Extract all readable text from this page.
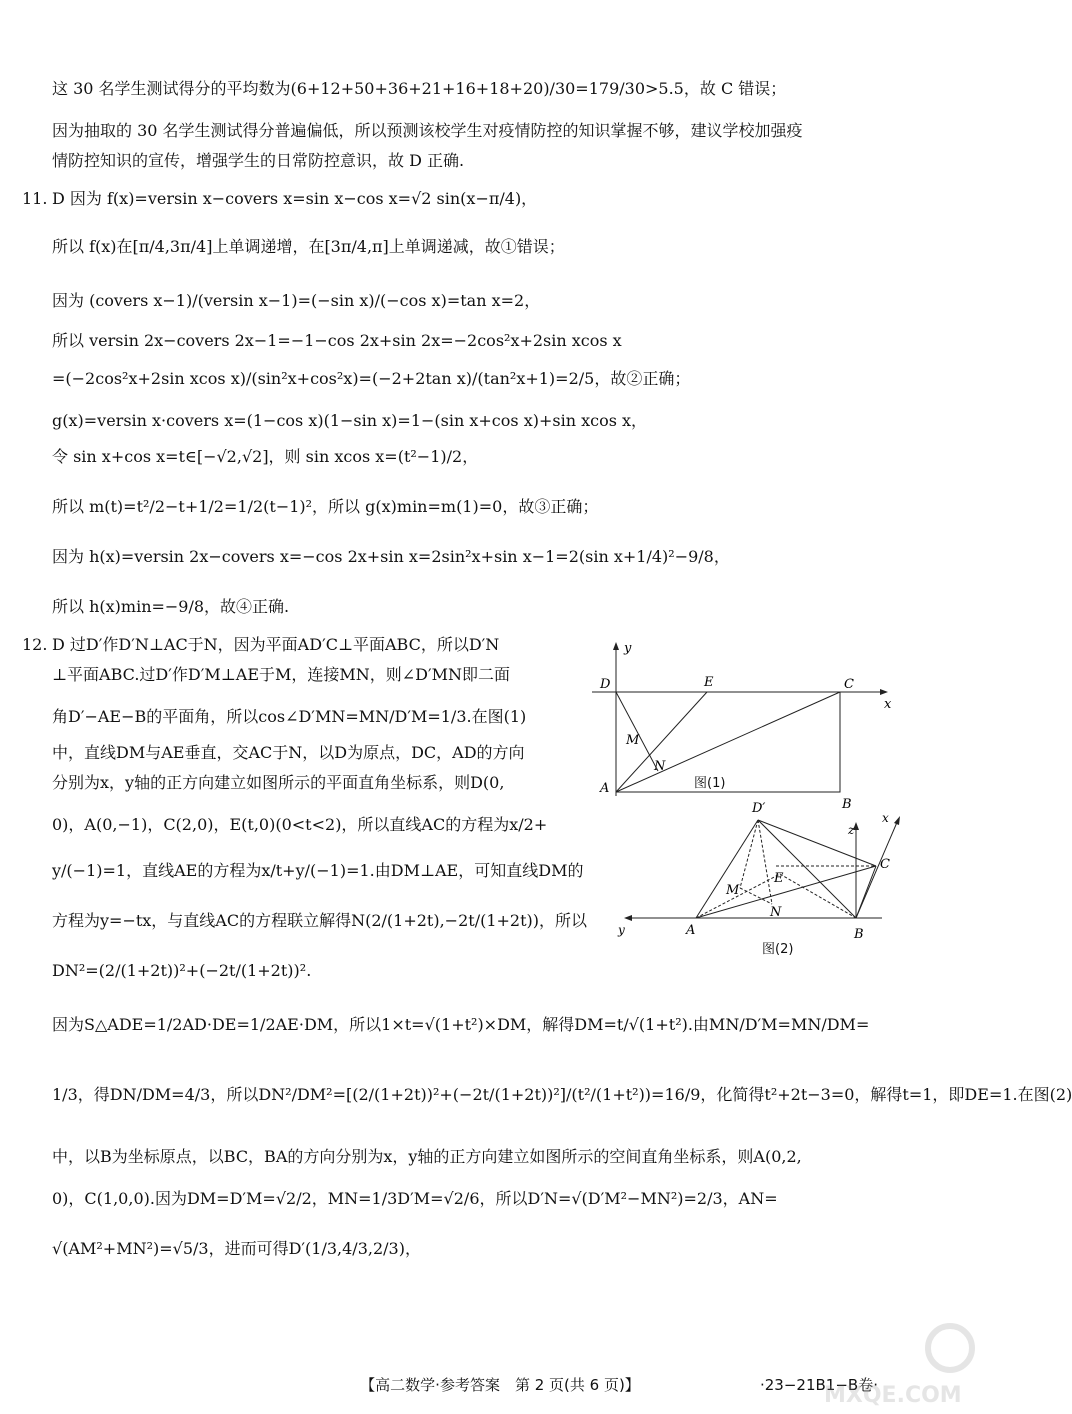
这 30 名学生测试得分的平均数为(6+12+50+36+21+16+18+20)/30=179/30>5.5，故 C 错误；
因为抽取的 30 名学生测试得分普遍偏低，所以预测该校学生对疫情防控的知识掌握不够，建议学校加强疫
情防控知识的宣传，增强学生的日常防控意识，故 D 正确.
11. D 因为 f(x)=versin x−covers x=sin x−cos x=√2 sin(x−π/4)，
所以 f(x)在[π/4,3π/4]上单调递增，在[3π/4,π]上单调递减，故①错误；
因为 (covers x−1)/(versin x−1)=(−sin x)/(−cos x)=tan x=2，
所以 versin 2x−covers 2x−1=−1−cos 2x+sin 2x=−2cos²x+2sin xcos x
=(−2cos²x+2sin xcos x)/(sin²x+cos²x)=(−2+2tan x)/(tan²x+1)=2/5，故②正确；
g(x)=versin x·covers x=(1−cos x)(1−sin x)=1−(sin x+cos x)+sin xcos x，
令 sin x+cos x=t∈[−√2,√2]，则 sin xcos x=(t²−1)/2，
所以 m(t)=t²/2−t+1/2=1/2(t−1)²，所以 g(x)min=m(1)=0，故③正确；
因为 h(x)=versin 2x−covers x=−cos 2x+sin x=2sin²x+sin x−1=2(sin x+1/4)²−9/8，
所以 h(x)min=−9/8，故④正确.
12. D 过D′作D′N⊥AC于N，因为平面AD′C⊥平面ABC，所以D′N
⊥平面ABC.过D′作D′M⊥AE于M，连接MN，则∠D′MN即二面
角D′−AE−B的平面角，所以cos∠D′MN=MN/D′M=1/3.在图(1)
中，直线DM与AE垂直，交AC于N，以D为原点，DC，AD的方向
分别为x，y轴的正方向建立如图所示的平面直角坐标系，则D(0,
0)，A(0,−1)，C(2,0)，E(t,0)(0<t<2)，所以直线AC的方程为x/2+
y/(−1)=1，直线AE的方程为x/t+y/(−1)=1.由DM⊥AE，可知直线DM的
方程为y=−tx，与直线AC的方程联立解得N(2/(1+2t),−2t/(1+2t))，所以
DN²=(2/(1+2t))²+(−2t/(1+2t))².
因为S△ADE=1/2AD·DE=1/2AE·DM，所以1×t=√(1+t²)×DM，解得DM=t/√(1+t²).由MN/D′M=MN/DM=
1/3，得DN/DM=4/3，所以DN²/DM²=[(2/(1+2t))²+(−2t/(1+2t))²]/(t²/(1+t²))=16/9，化简得t²+2t−3=0，解得t=1，即DE=1.在图(2)
中，以B为坐标原点，以BC，BA的方向分别为x，y轴的正方向建立如图所示的空间直角坐标系，则A(0,2,
0)，C(1,0,0).因为DM=D′M=√2/2，MN=1/3D′M=√2/6，所以D′N=√(D′M²−MN²)=2/3，AN=
√(AM²+MN²)=√5/3，进而可得D′(1/3,4/3,2/3)，
y
D	E	C
x
M
N
A
B
图(1)
D′
z
x
C
E
M
N
y	A	B
图(2)
【高二数学·参考答案　第 2 页(共 6 页)】	·23−21B1−B卷·
MXQE.COM
